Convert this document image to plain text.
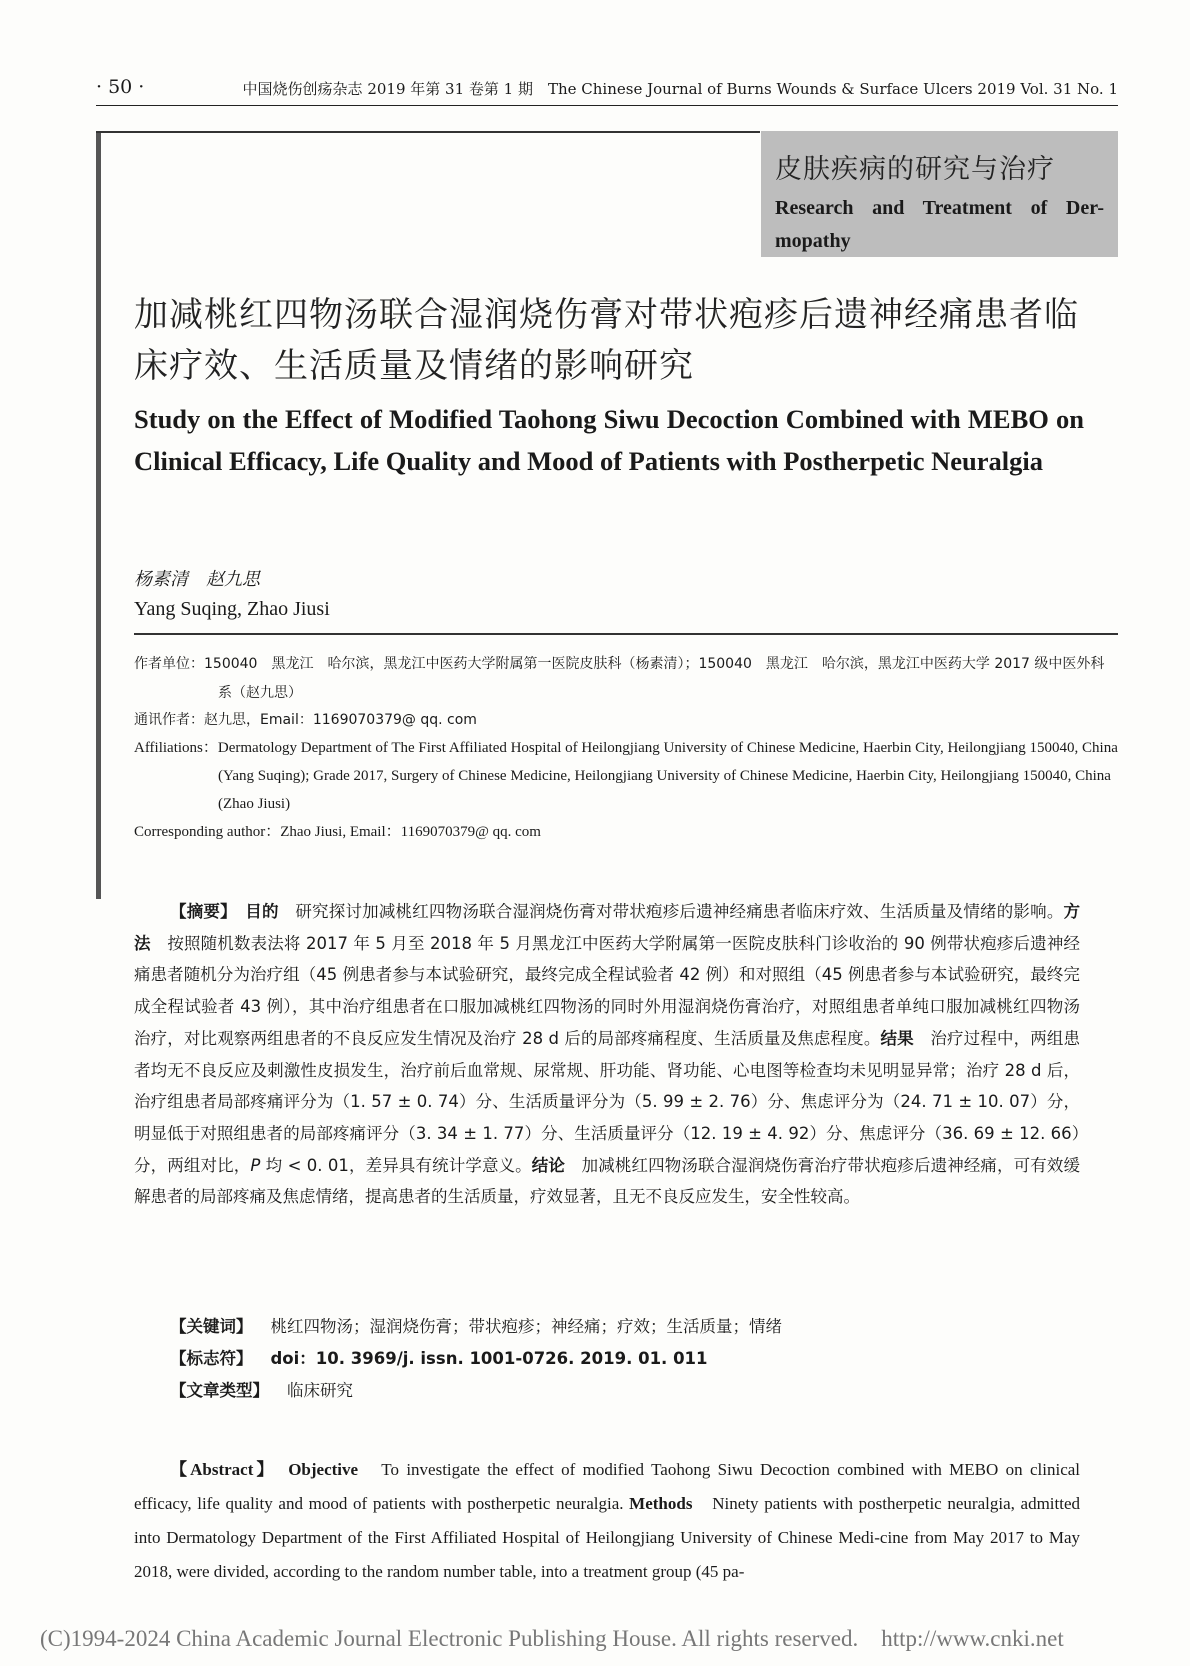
· 50 ·	中国烧伤创疡杂志 2019 年第 31 卷第 1 期　The Chinese Journal of Burns Wounds & Surface Ulcers 2019 Vol. 31 No. 1
皮肤疾病的研究与治疗
Research and Treatment of Der-mopathy
加减桃红四物汤联合湿润烧伤膏对带状疱疹后遗神经痛患者临床疗效、生活质量及情绪的影响研究
Study on the Effect of Modified Taohong Siwu Decoction Combined with MEBO on Clinical Efficacy, Life Quality and Mood of Patients with Postherpetic Neuralgia
杨素清　赵九思
Yang Suqing, Zhao Jiusi
作者单位：150040　黑龙江　哈尔滨，黑龙江中医药大学附属第一医院皮肤科（杨素清）；150040　黑龙江　哈尔滨，黑龙江中医药大学 2017 级中医外科系（赵九思）
通讯作者：赵九思，Email：1169070379@ qq. com
Affiliations：Dermatology Department of The First Affiliated Hospital of Heilongjiang University of Chinese Medicine, Haerbin City, Heilongjiang 150040, China (Yang Suqing); Grade 2017, Surgery of Chinese Medicine, Heilongjiang University of Chinese Medicine, Haerbin City, Heilongjiang 150040, China (Zhao Jiusi)
Corresponding author：Zhao Jiusi, Email：1169070379@ qq. com
【摘要】　 目的　 研究探讨加减桃红四物汤联合湿润烧伤膏对带状疱疹后遗神经痛患者临床疗效、生活质量及情绪的影响。方法　 按照随机数表法将 2017 年 5 月至 2018 年 5 月黑龙江中医药大学附属第一医院皮肤科门诊收治的 90 例带状疱疹后遗神经痛患者随机分为治疗组（45 例患者参与本试验研究，最终完成全程试验者 42 例）和对照组（45 例患者参与本试验研究，最终完成全程试验者 43 例），其中治疗组患者在口服加减桃红四物汤的同时外用湿润烧伤膏治疗，对照组患者单纯口服加减桃红四物汤治疗，对比观察两组患者的不良反应发生情况及治疗 28 d 后的局部疼痛程度、生活质量及焦虑程度。结果　 治疗过程中，两组患者均无不良反应及刺激性皮损发生，治疗前后血常规、尿常规、肝功能、肾功能、心电图等检查均未见明显异常；治疗 28 d 后，治疗组患者局部疼痛评分为（1. 57 ± 0. 74）分、生活质量评分为（5. 99 ± 2. 76）分、焦虑评分为（24. 71 ± 10. 07）分，明显低于对照组患者的局部疼痛评分（3. 34 ± 1. 77）分、生活质量评分（12. 19 ± 4. 92）分、焦虑评分（36. 69 ± 12. 66）分，两组对比，P 均 < 0. 01，差异具有统计学意义。结论　 加减桃红四物汤联合湿润烧伤膏治疗带状疱疹后遗神经痛，可有效缓解患者的局部疼痛及焦虑情绪，提高患者的生活质量，疗效显著，且无不良反应发生，安全性较高。
【关键词】 桃红四物汤；湿润烧伤膏；带状疱疹；神经痛；疗效；生活质量；情绪
【标志符】 doi：10. 3969/j. issn. 1001-0726. 2019. 01. 011
【文章类型】 临床研究
【Abstract】　 Objective　 To investigate the effect of modified Taohong Siwu Decoction combined with MEBO on clinical efficacy, life quality and mood of patients with postherpetic neuralgia. Methods　 Ninety patients with postherpetic neuralgia, admitted into Dermatology Department of the First Affiliated Hospital of Heilongjiang University of Chinese Medi-cine from May 2017 to May 2018, were divided, according to the random number table, into a treatment group (45 pa-
(C)1994-2024 China Academic Journal Electronic Publishing House. All rights reserved.　http://www.cnki.net
